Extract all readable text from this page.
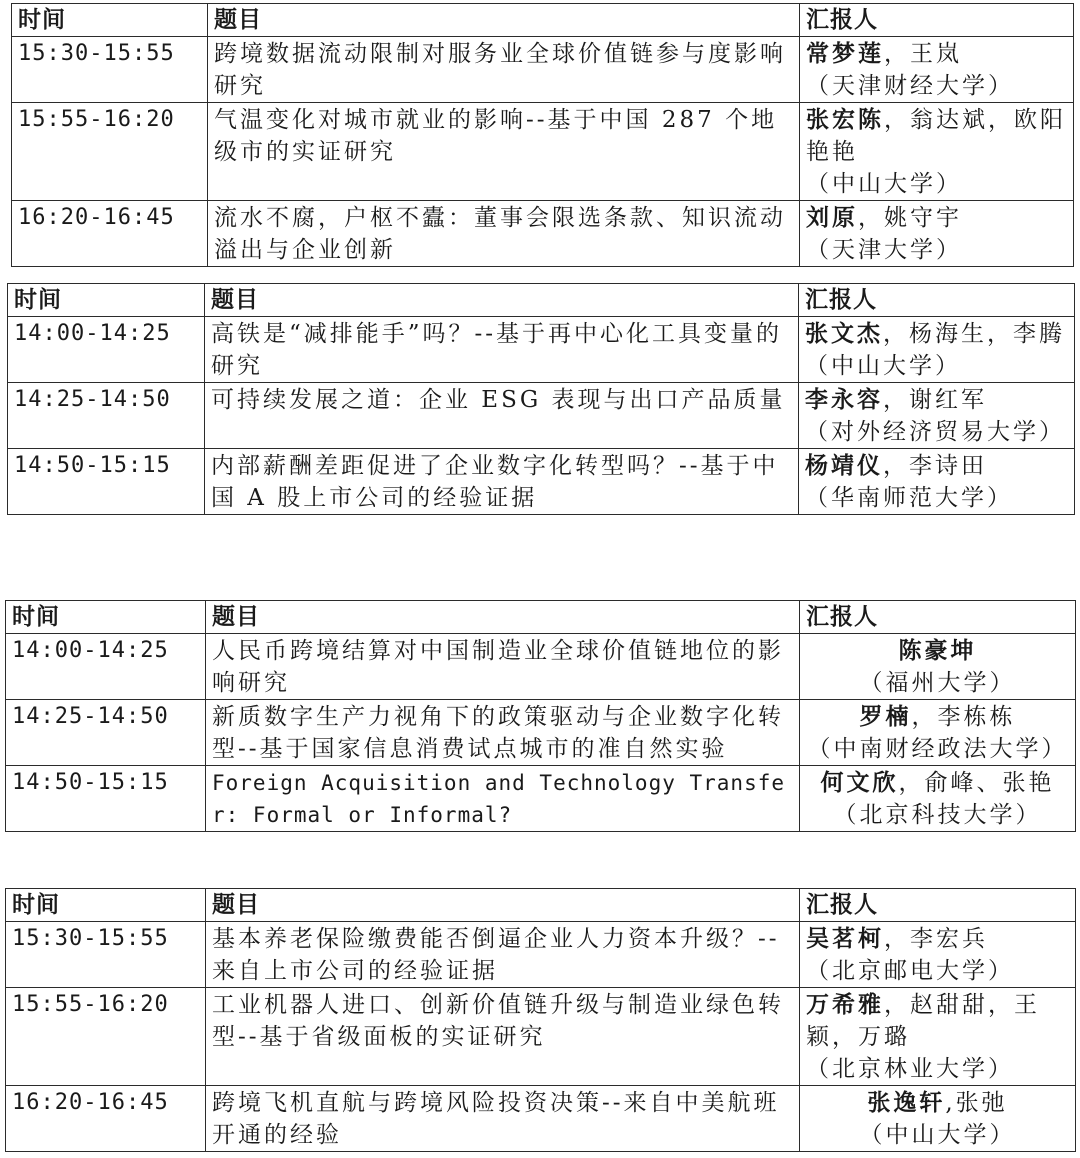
时间	题目	汇报人
15:30-15:55	跨境数据流动限制对服务业全球价值链参与度影响研究	常梦莲，王岚
（天津财经大学）

15:55-16:20	气温变化对城市就业的影响--基于中国 287 个地级市的实证研究	张宏陈，翁达斌，欧阳艳艳
（中山大学）

16:20-16:45	流水不腐，户枢不蠹：董事会限选条款、知识流动溢出与企业创新	刘原，姚守宇
（天津大学）
时间	题目	汇报人
14:00-14:25	高铁是“减排能手”吗？--基于再中心化工具变量的研究	张文杰，杨海生，李腾
（中山大学）

14:25-14:50	可持续发展之道：企业 ESG 表现与出口产品质量	李永容，谢红军
（对外经济贸易大学）

14:50-15:15	内部薪酬差距促进了企业数字化转型吗？--基于中国 A 股上市公司的经验证据	杨靖仪，李诗田
（华南师范大学）
时间	题目	汇报人
14:00-14:25	人民币跨境结算对中国制造业全球价值链地位的影响研究	陈豪坤
（福州大学）

14:25-14:50	新质数字生产力视角下的政策驱动与企业数字化转型--基于国家信息消费试点城市的准自然实验	罗楠，李栋栋
（中南财经政法大学）

14:50-15:15	Foreign Acquisition and Technology Transfer: Formal or Informal?	何文欣，俞峰、张艳
（北京科技大学）
时间	题目	汇报人
15:30-15:55	基本养老保险缴费能否倒逼企业人力资本升级？--来自上市公司的经验证据	吴茗柯，李宏兵
（北京邮电大学）

15:55-16:20	工业机器人进口、创新价值链升级与制造业绿色转型--基于省级面板的实证研究	万希雅，赵甜甜，王颖，万璐
（北京林业大学）

16:20-16:45	跨境飞机直航与跨境风险投资决策--来自中美航班开通的经验	张逸轩,张弛
（中山大学）
